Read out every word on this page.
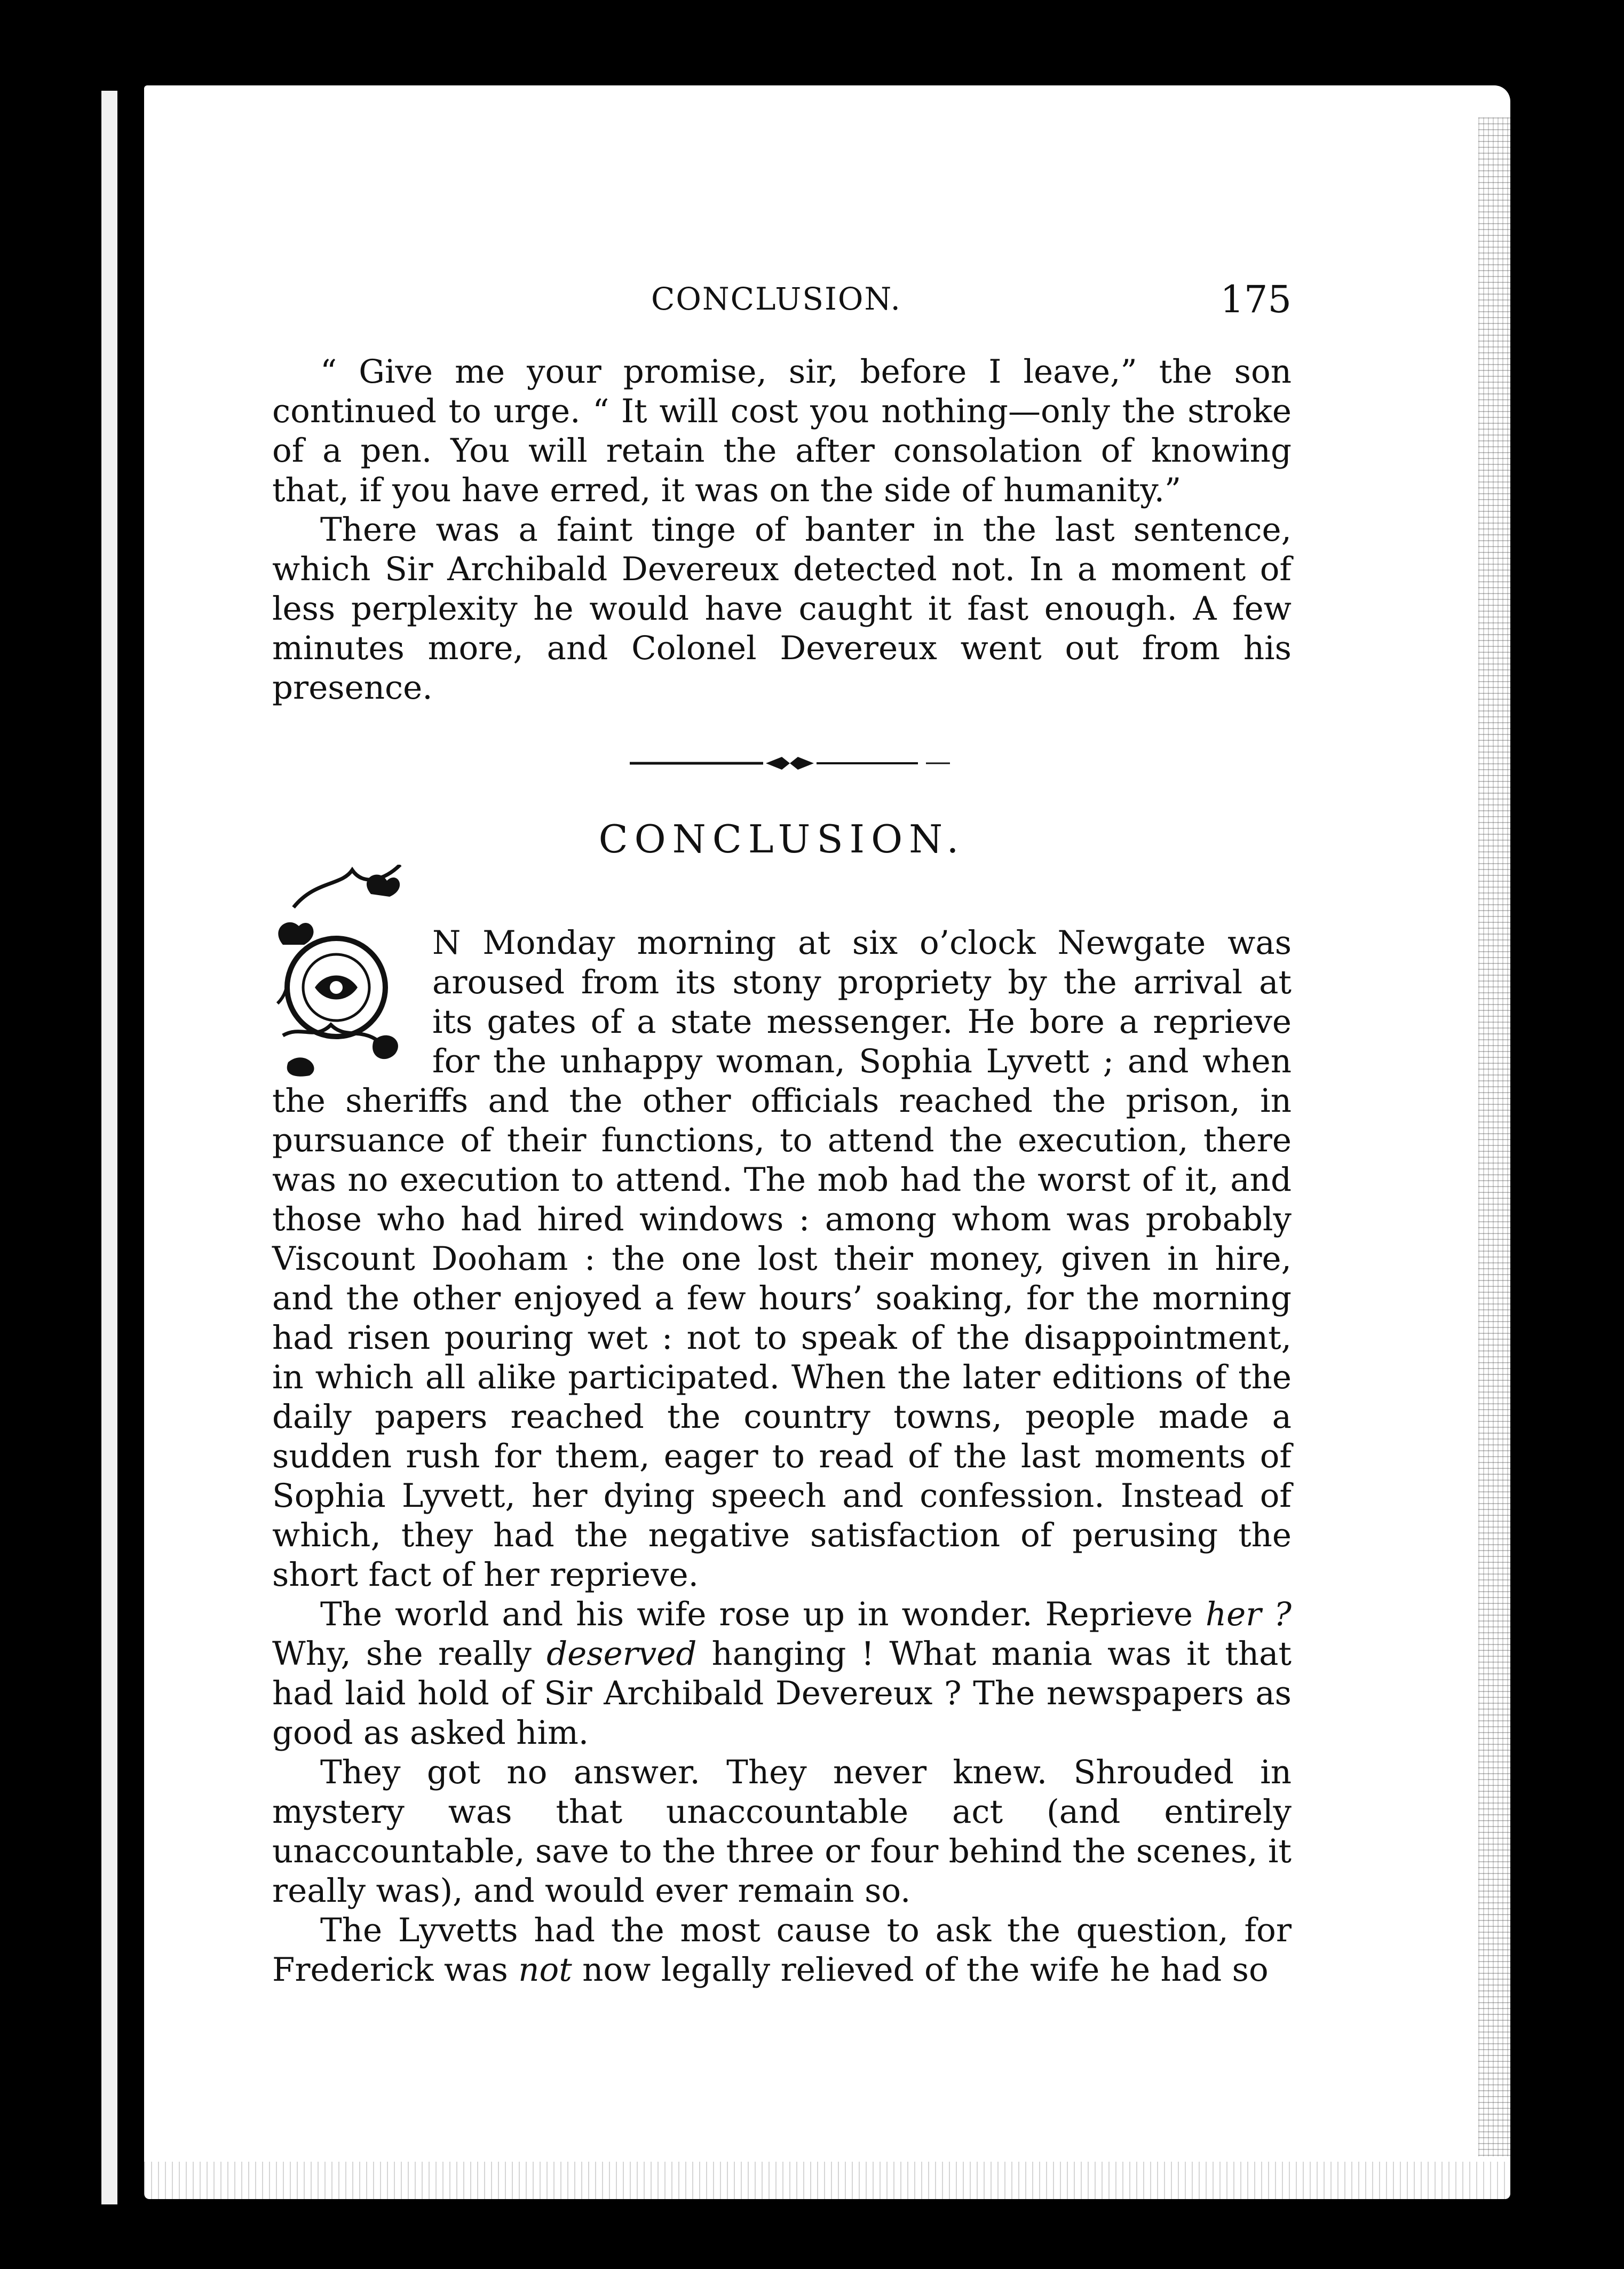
CONCLUSION.	175

“ Give me your promise, sir, before I leave,” the son continued to urge. “ It will cost you nothing—only the stroke of a pen. You will retain the after consolation of knowing that, if you have erred, it was on the side of humanity.”

There was a faint tinge of banter in the last sentence, which Sir Archibald Devereux detected not. In a moment of less perplexity he would have caught it fast enough. A few minutes more, and Colonel Devereux went out from his presence.

CONCLUSION.

N Monday morning at six o’clock Newgate was aroused from its stony propriety by the arrival at its gates of a state messenger. He bore a reprieve for the unhappy woman, Sophia Lyvett ; and when the sheriffs and the other officials reached the prison, in pursuance of their functions, to attend the execution, there was no execution to attend. The mob had the worst of it, and those who had hired windows : among whom was probably Viscount Dooham : the one lost their money, given in hire, and the other enjoyed a few hours’ soaking, for the morning had risen pouring wet : not to speak of the disappointment, in which all alike participated. When the later editions of the daily papers reached the country towns, people made a sudden rush for them, eager to read of the last moments of Sophia Lyvett, her dying speech and confession. Instead of which, they had the negative satisfaction of perusing the short fact of her reprieve.

The world and his wife rose up in wonder. Reprieve her ? Why, she really deserved hanging ! What mania was it that had laid hold of Sir Archibald Devereux ? The newspapers as good as asked him.

They got no answer. They never knew. Shrouded in mystery was that unaccountable act (and entirely unaccountable, save to the three or four behind the scenes, it really was), and would ever remain so.

The Lyvetts had the most cause to ask the question, for Frederick was not now legally relieved of the wife he had so
